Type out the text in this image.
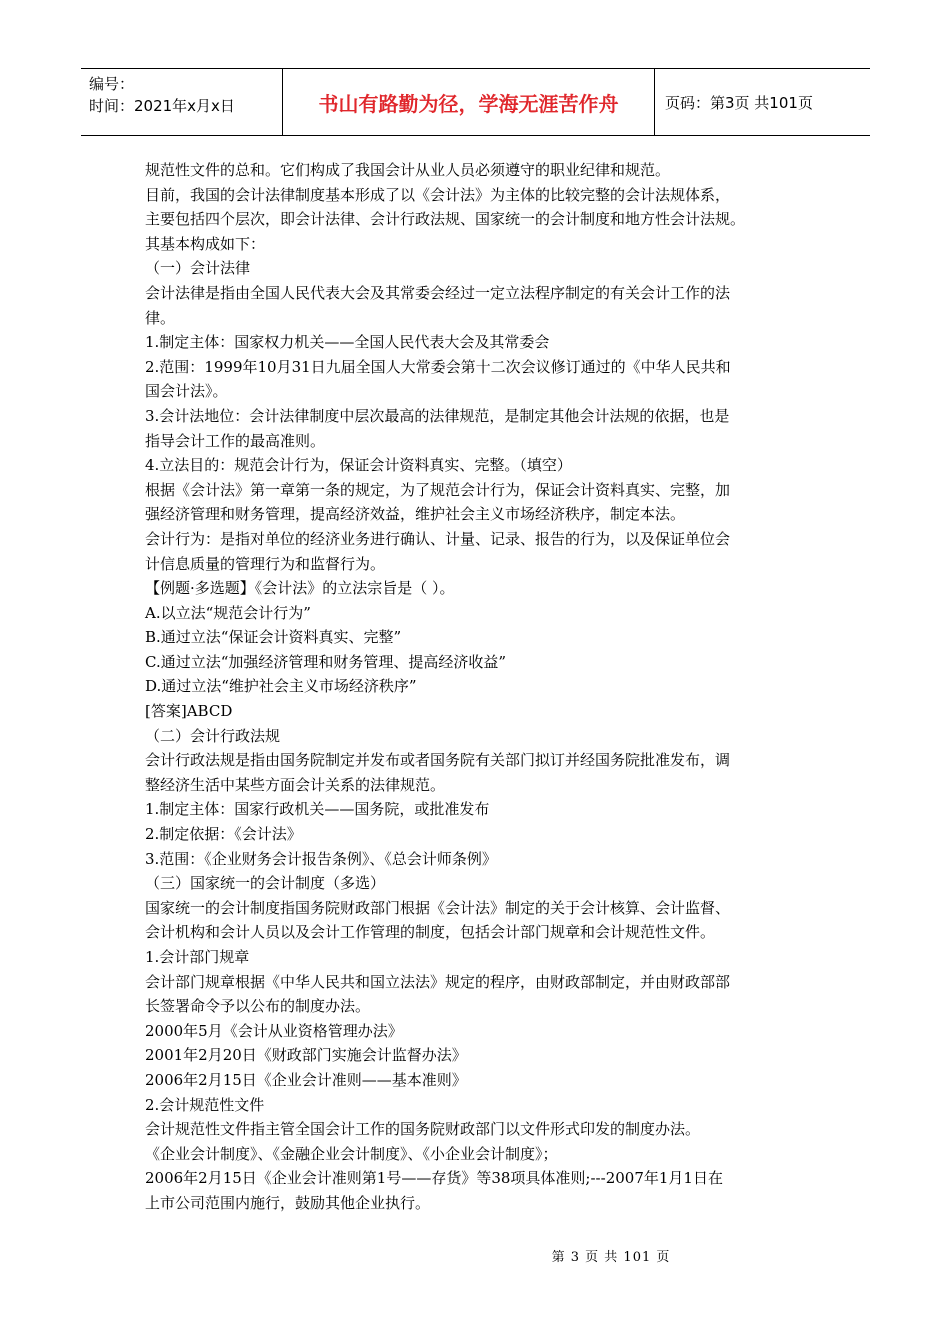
编号：
时间：2021年x月x日	书山有路勤为径，学海无涯苦作舟	页码：第3页 共101页

规范性文件的总和。它们构成了我国会计从业人员必须遵守的职业纪律和规范。

目前，我国的会计法律制度基本形成了以《会计法》为主体的比较完整的会计法规体系，

主要包括四个层次，即会计法律、会计行政法规、国家统一的会计制度和地方性会计法规。

其基本构成如下：

（一）会计法律

会计法律是指由全国人民代表大会及其常委会经过一定立法程序制定的有关会计工作的法

律。

1.制定主体：国家权力机关——全国人民代表大会及其常委会

2.范围：1999年10月31日九届全国人大常委会第十二次会议修订通过的《中华人民共和

国会计法》。

3.会计法地位：会计法律制度中层次最高的法律规范，是制定其他会计法规的依据，也是

指导会计工作的最高准则。

4.立法目的：规范会计行为，保证会计资料真实、完整。（填空）

根据《会计法》第一章第一条的规定，为了规范会计行为，保证会计资料真实、完整，加

强经济管理和财务管理，提高经济效益，维护社会主义市场经济秩序，制定本法。

会计行为：是指对单位的经济业务进行确认、计量、记录、报告的行为，以及保证单位会

计信息质量的管理行为和监督行为。

【例题·多选题】《会计法》的立法宗旨是（ ）。

A.以立法“规范会计行为”

B.通过立法“保证会计资料真实、完整”

C.通过立法“加强经济管理和财务管理、提高经济收益”

D.通过立法“维护社会主义市场经济秩序”

[答案]ABCD

（二）会计行政法规

会计行政法规是指由国务院制定并发布或者国务院有关部门拟订并经国务院批准发布，调

整经济生活中某些方面会计关系的法律规范。

1.制定主体：国家行政机关——国务院，或批准发布

2.制定依据：《会计法》

3.范围：《企业财务会计报告条例》、《总会计师条例》

（三）国家统一的会计制度（多选）

国家统一的会计制度指国务院财政部门根据《会计法》制定的关于会计核算、会计监督、

会计机构和会计人员以及会计工作管理的制度，包括会计部门规章和会计规范性文件。

1.会计部门规章

会计部门规章根据《中华人民共和国立法法》规定的程序，由财政部制定，并由财政部部

长签署命令予以公布的制度办法。

2000年5月《会计从业资格管理办法》

2001年2月20日《财政部门实施会计监督办法》

2006年2月15日《企业会计准则——基本准则》

2.会计规范性文件

会计规范性文件指主管全国会计工作的国务院财政部门以文件形式印发的制度办法。

《企业会计制度》、《金融企业会计制度》、《小企业会计制度》；

2006年2月15日《企业会计准则第1号——存货》等38项具体准则;---2007年1月1日在

上市公司范围内施行，鼓励其他企业执行。

第 3 页 共 101 页
